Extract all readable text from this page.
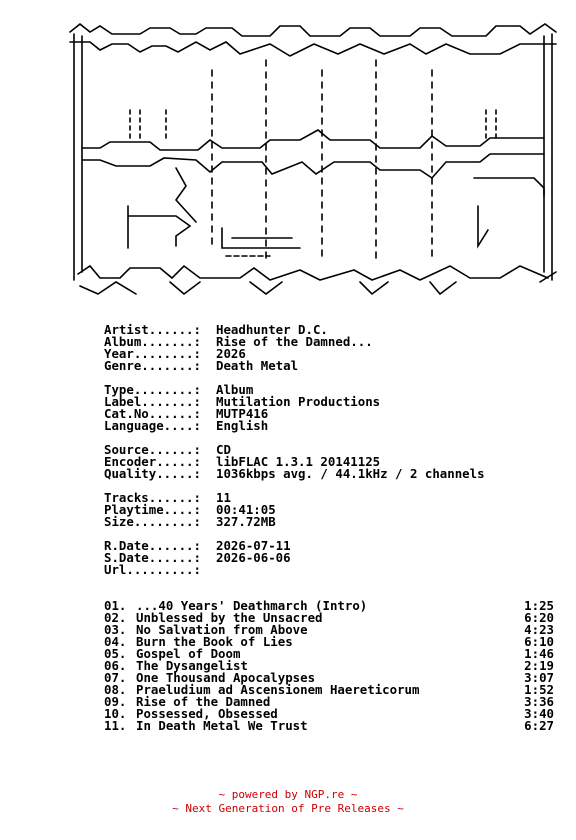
Artist......: Headhunter D.C.
Album.......: Rise of the Damned...
Year........: 2026
Genre.......: Death Metal
Type........: Album
Label.......: Mutilation Productions
Cat.No......: MUTP416
Language....: English
Source......: CD
Encoder.....: libFLAC 1.3.1 20141125
Quality.....: 1036kbps avg. / 44.1kHz / 2 channels
Tracks......: 11
Playtime....: 00:41:05
Size........: 327.72MB
R.Date......: 2026-07-11
S.Date......: 2026-06-06
Url.........:
01. ...40 Years' Deathmarch (Intro)	1:25
02. Unblessed by the Unsacred	6:20
03. No Salvation from Above	4:23
04. Burn the Book of Lies	6:10
05. Gospel of Doom	1:46
06. The Dysangelist	2:19
07. One Thousand Apocalypses	3:07
08. Praeludium ad Ascensionem Haereticorum	1:52
09. Rise of the Damned	3:36
10. Possessed, Obsessed	3:40
11. In Death Metal We Trust	6:27
~ powered by NGP.re ~
~ Next Generation of Pre Releases ~
